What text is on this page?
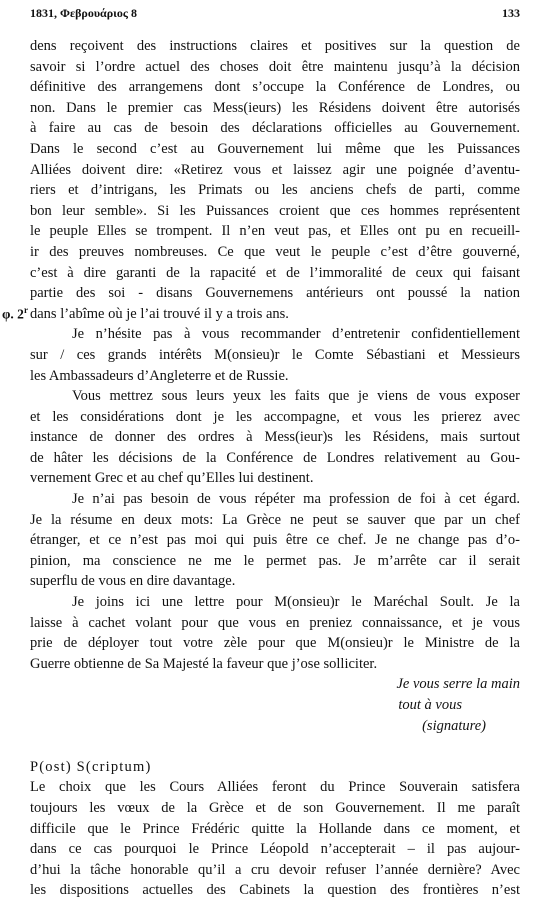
1831, Φεβρουάριος 8	133
φ. 2$^r$
dens reçoivent des instructions claires et positives sur la question de
savoir si l’ordre actuel des choses doit être maintenu jusqu’à la décision
définitive des arrangemens dont s’occupe la Conférence de Londres, ou
non. Dans le premier cas Mess(ieurs) les Résidens doivent être autorisés
à faire au cas de besoin des déclarations officielles au Gouvernement.
Dans le second c’est au Gouvernement lui même que les Puissances
Alliées doivent dire: «Retirez vous et laissez agir une poignée d’aventu-
riers et d’intrigans, les Primats ou les anciens chefs de parti, comme
bon leur semble». Si les Puissances croient que ces hommes représentent
le peuple Elles se trompent. Il n’en veut pas, et Elles ont pu en recueill-
ir des preuves nombreuses. Ce que veut le peuple c’est d’être gouverné,
c’est à dire garanti de la rapacité et de l’immoralité de ceux qui faisant
partie des soi - disans Gouvernemens antérieurs ont poussé la nation
dans l’abîme où je l’ai trouvé il y a trois ans.
Je n’hésite pas à vous recommander d’entretenir confidentiellement
sur / ces grands intérêts M(onsieu)r le Comte Sébastiani et Messieurs
les Ambassadeurs d’Angleterre et de Russie.
Vous mettrez sous leurs yeux les faits que je viens de vous exposer
et les considérations dont je les accompagne, et vous les prierez avec
instance de donner des ordres à Mess(ieur)s les Résidens, mais surtout
de hâter les décisions de la Conférence de Londres relativement au Gou-
vernement Grec et au chef qu’Elles lui destinent.
Je n’ai pas besoin de vous répéter ma profession de foi à cet égard.
Je la résume en deux mots: La Grèce ne peut se sauver que par un chef
étranger, et ce n’est pas moi qui puis être ce chef. Je ne change pas d’o-
pinion, ma conscience ne me le permet pas. Je m’arrête car il serait
superflu de vous en dire davantage.
Je joins ici une lettre pour M(onsieu)r le Maréchal Soult. Je la
laisse à cachet volant pour que vous en preniez connaissance, et je vous
prie de déployer tout votre zèle pour que M(onsieu)r le Ministre de la
Guerre obtienne de Sa Majesté la faveur que j’ose solliciter.
Je vous serre la main
tout à vous
(signature)
P(ost) S(criptum)
Le choix que les Cours Alliées feront du Prince Souverain satisfera
toujours les vœux de la Grèce et de son Gouvernement. Il me paraît
difficile que le Prince Frédéric quitte la Hollande dans ce moment, et
dans ce cas pourquoi le Prince Léopold n’accepterait – il pas aujour-
d’hui la tâche honorable qu’il a cru devoir refuser l’année dernière? Avec
les dispositions actuelles des Cabinets la question des frontières n’est
